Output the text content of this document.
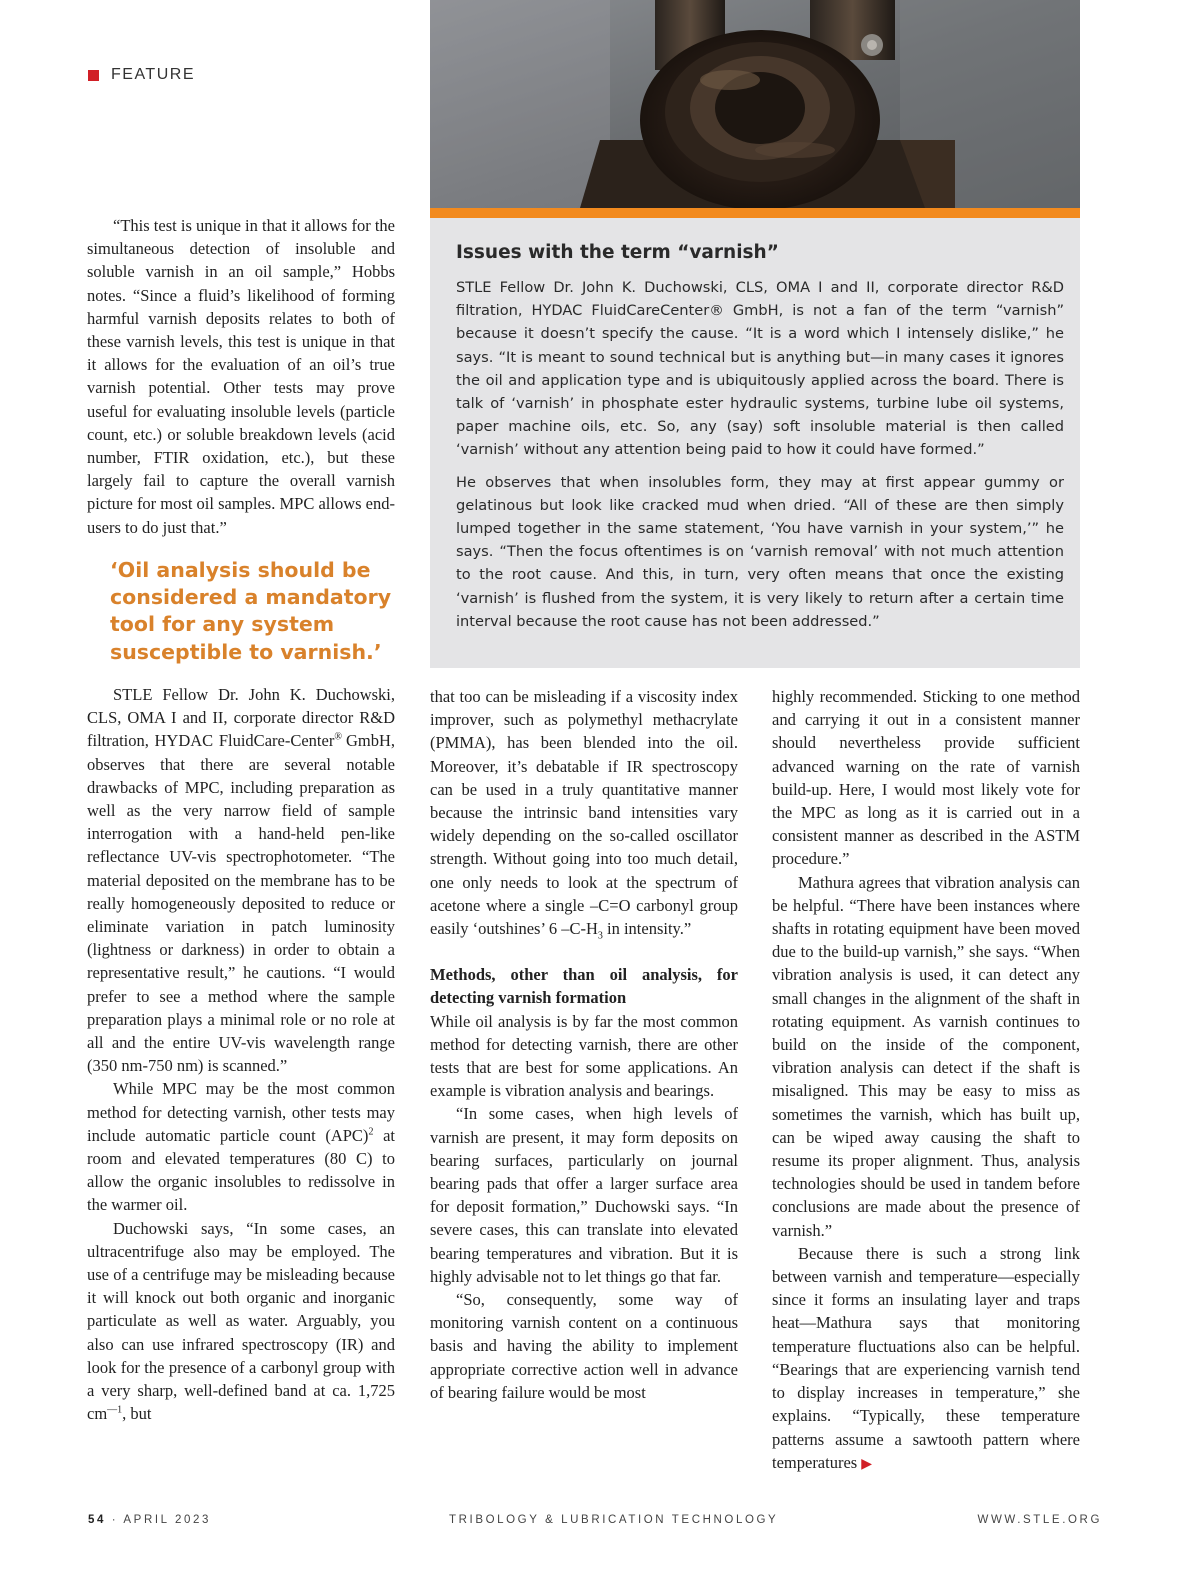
FEATURE
Issues with the term “varnish”

STLE Fellow Dr. John K. Duchowski, CLS, OMA I and II, corporate director R&D filtration, HYDAC FluidCareCenter® GmbH, is not a fan of the term “varnish” because it doesn’t specify the cause. “It is a word which I intensely dislike,” he says. “It is meant to sound technical but is anything but—in many cases it ignores the oil and application type and is ubiquitously applied across the board. There is talk of ‘varnish’ in phosphate ester hydraulic systems, turbine lube oil systems, paper machine oils, etc. So, any (say) soft insoluble material is then called ‘varnish’ without any attention being paid to how it could have formed.”

He observes that when insolubles form, they may at first appear gummy or gelatinous but look like cracked mud when dried. “All of these are then simply lumped together in the same statement, ‘You have varnish in your system,’” he says. “Then the focus oftentimes is on ‘varnish removal’ with not much attention to the root cause. And this, in turn, very often means that once the existing ‘varnish’ is flushed from the system, it is very likely to return after a certain time interval because the root cause has not been addressed.”

“This test is unique in that it allows for the simultaneous detection of insoluble and soluble varnish in an oil sample,” Hobbs notes. “Since a fluid’s likelihood of forming harmful varnish deposits relates to both of these varnish levels, this test is unique in that it allows for the evaluation of an oil’s true varnish potential. Other tests may prove useful for evaluating insoluble levels (particle count, etc.) or soluble breakdown levels (acid number, FTIR oxidation, etc.), but these largely fail to capture the overall varnish picture for most oil samples. MPC allows end-users to do just that.”

‘Oil analysis should be considered a mandatory tool for any system susceptible to varnish.’

STLE Fellow Dr. John K. Duchowski, CLS, OMA I and II, corporate director R&D filtration, HYDAC FluidCare-Center® GmbH, observes that there are several notable drawbacks of MPC, including preparation as well as the very narrow field of sample interrogation with a hand-held pen-like reflectance UV-vis spectrophotometer. “The material deposited on the membrane has to be really homogeneously deposited to reduce or eliminate variation in patch luminosity (lightness or darkness) in order to obtain a representative result,” he cautions. “I would prefer to see a method where the sample preparation plays a minimal role or no role at all and the entire UV-vis wavelength range (350 nm-750 nm) is scanned.”

While MPC may be the most common method for detecting varnish, other tests may include automatic particle count (APC)$^2$ at room and elevated temperatures (80 C) to allow the organic insolubles to redissolve in the warmer oil.

Duchowski says, “In some cases, an ultracentrifuge also may be employed. The use of a centrifuge may be misleading because it will knock out both organic and inorganic particulate as well as water. Arguably, you also can use infrared spectroscopy (IR) and look for the presence of a carbonyl group with a very sharp, well-defined band at ca. 1,725 $cm^{—1}$, but

that too can be misleading if a viscosity index improver, such as polymethyl methacrylate (PMMA), has been blended into the oil. Moreover, it’s debatable if IR spectroscopy can be used in a truly quantitative manner because the intrinsic band intensities vary widely depending on the so-called oscillator strength. Without going into too much detail, one only needs to look at the spectrum of acetone where a single –C=O carbonyl group easily ‘outshines’ 6 $-C-H_3$ in intensity.”

Methods, other than oil analysis, for detecting varnish formation

While oil analysis is by far the most common method for detecting varnish, there are other tests that are best for some applications. An example is vibration analysis and bearings.

“In some cases, when high levels of varnish are present, it may form deposits on bearing surfaces, particularly on journal bearing pads that offer a larger surface area for deposit formation,” Duchowski says. “In severe cases, this can translate into elevated bearing temperatures and vibration. But it is highly advisable not to let things go that far.

“So, consequently, some way of monitoring varnish content on a continuous basis and having the ability to implement appropriate corrective action well in advance of bearing failure would be most

highly recommended. Sticking to one method and carrying it out in a consistent manner should nevertheless provide sufficient advanced warning on the rate of varnish build-up. Here, I would most likely vote for the MPC as long as it is carried out in a consistent manner as described in the ASTM procedure.”

Mathura agrees that vibration analysis can be helpful. “There have been instances where shafts in rotating equipment have been moved due to the build-up varnish,” she says. “When vibration analysis is used, it can detect any small changes in the alignment of the shaft in rotating equipment. As varnish continues to build on the inside of the component, vibration analysis can detect if the shaft is misaligned. This may be easy to miss as sometimes the varnish, which has built up, can be wiped away causing the shaft to resume its proper alignment. Thus, analysis technologies should be used in tandem before conclusions are made about the presence of varnish.”

Because there is such a strong link between varnish and temperature—especially since it forms an insulating layer and traps heat—Mathura says that monitoring temperature fluctuations also can be helpful. “Bearings that are experiencing varnish tend to display increases in temperature,” she explains. “Typically, these temperature patterns assume a sawtooth pattern where temperatures ▶

54 · APRIL 2023	TRIBOLOGY & LUBRICATION TECHNOLOGY	WWW.STLE.ORG
